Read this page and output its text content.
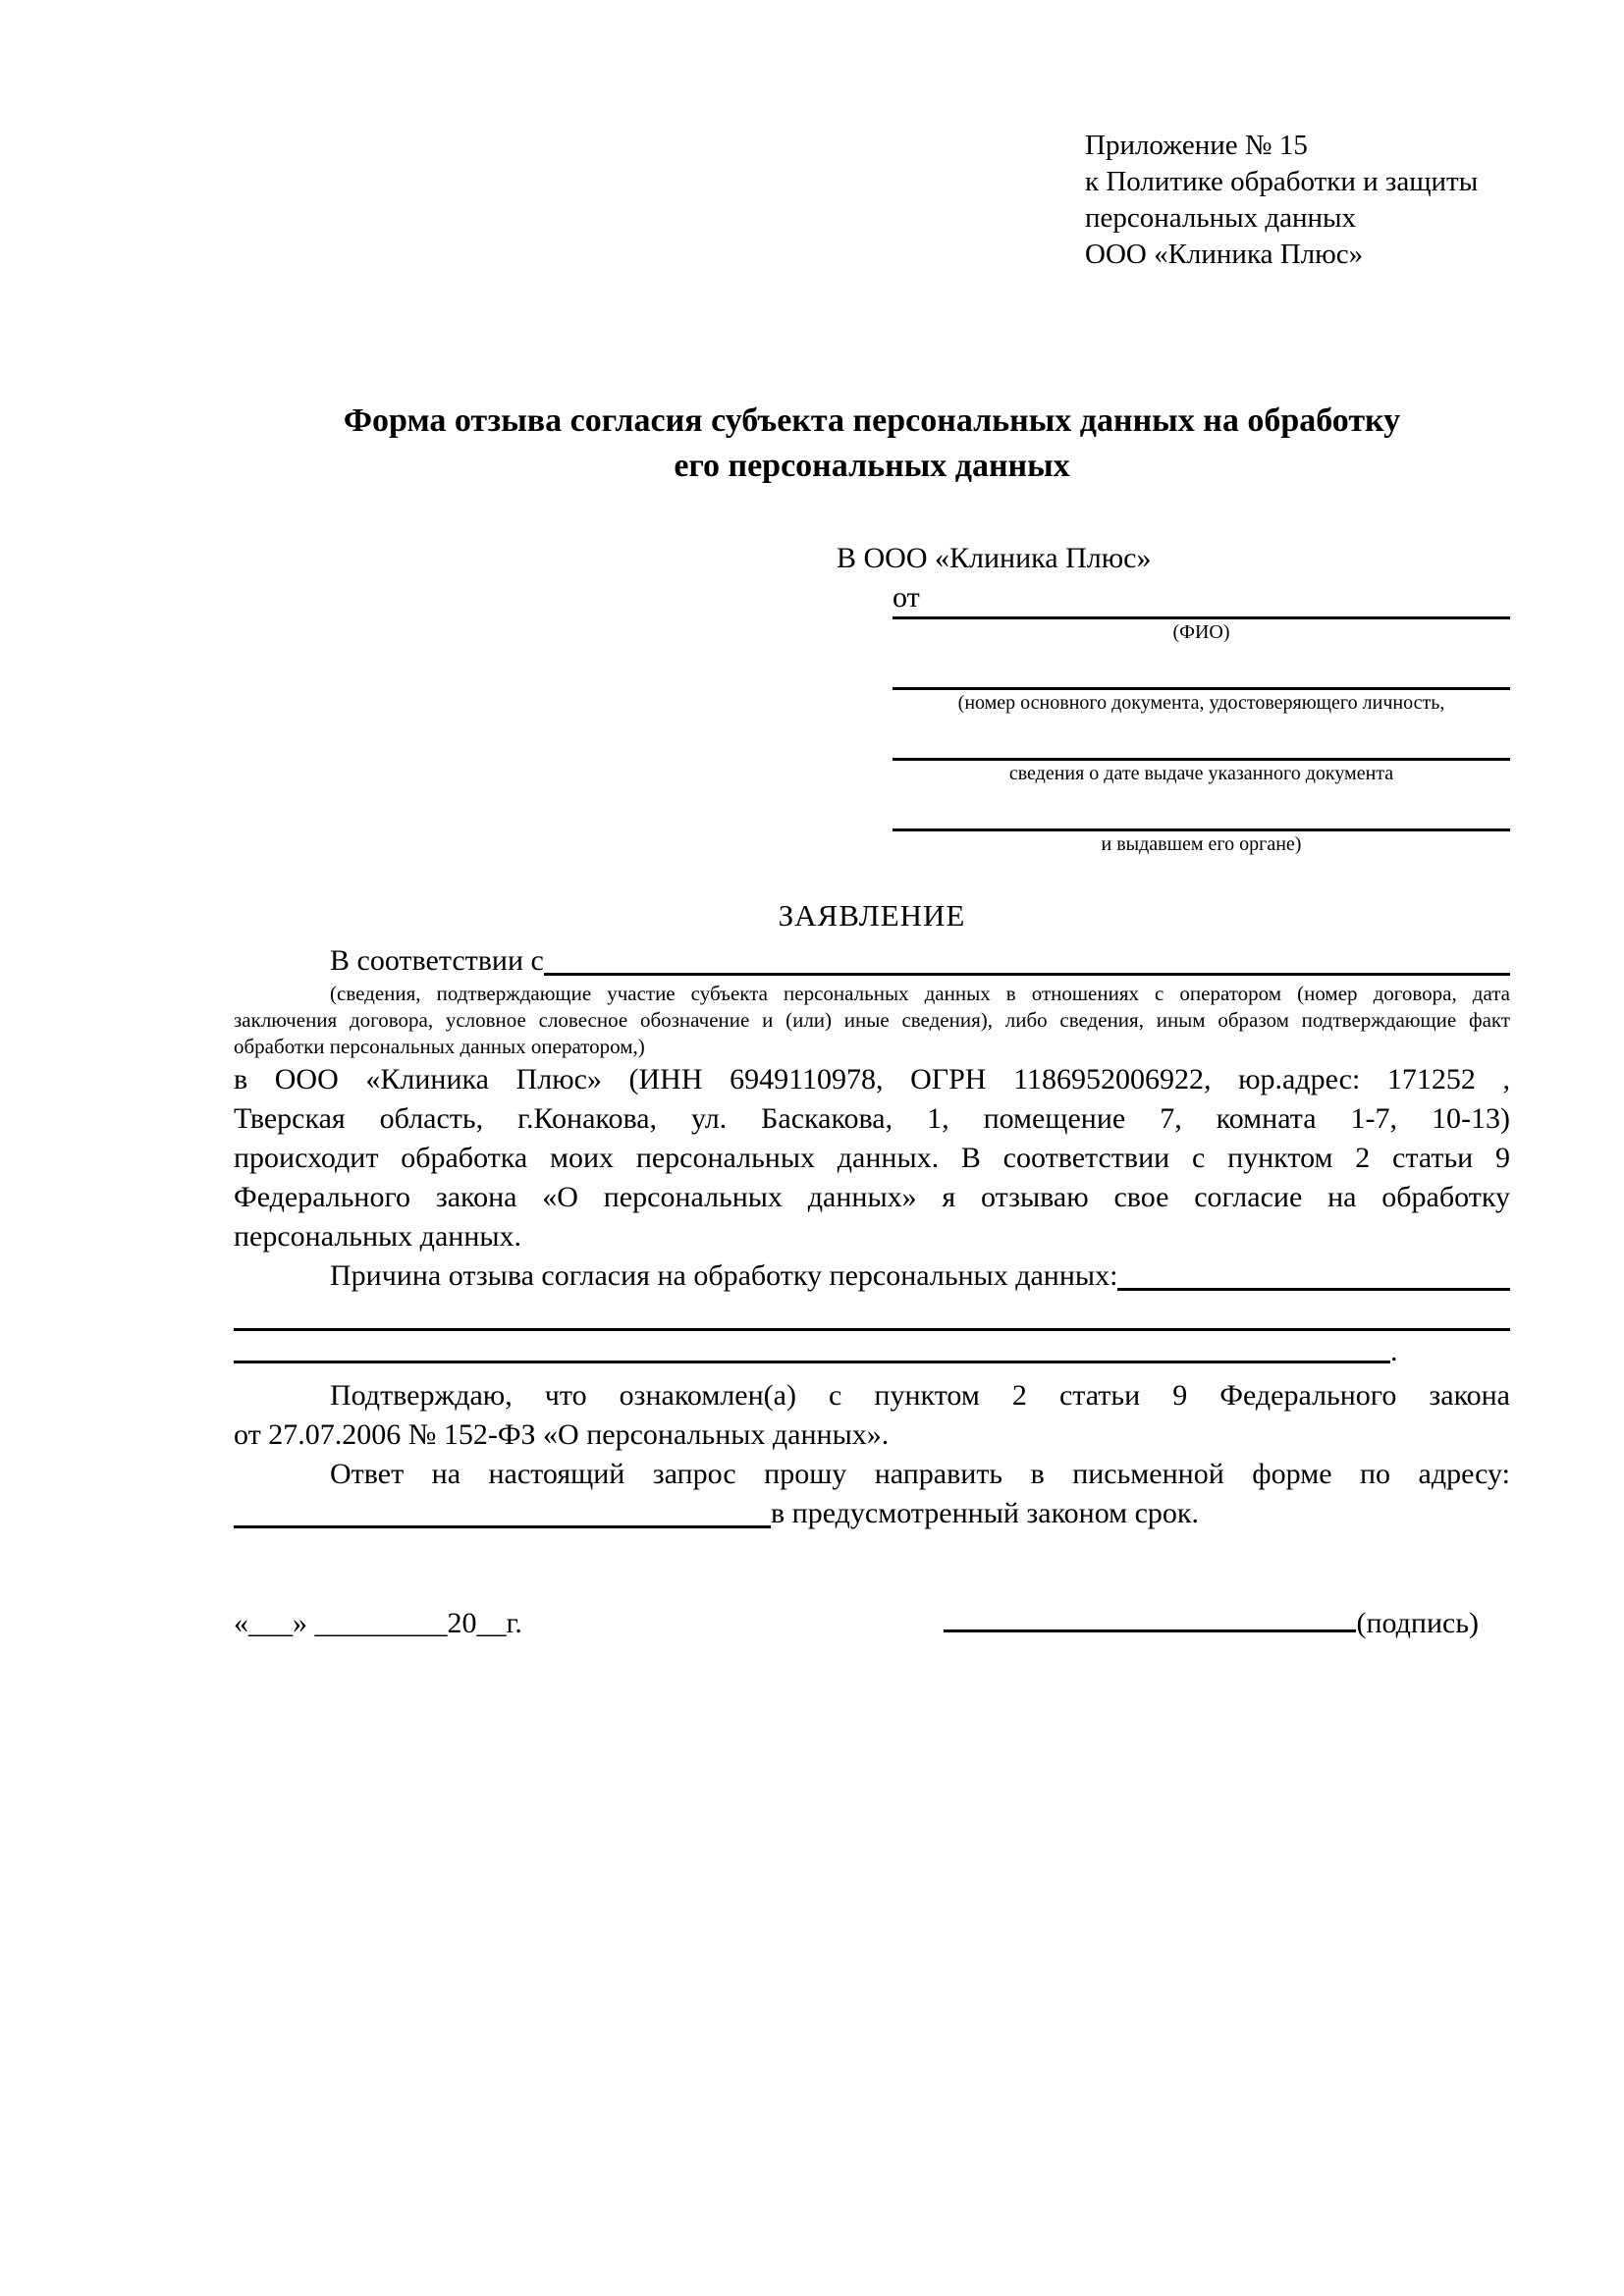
Приложение № 15
к Политике обработки и защиты
персональных данных
ООО «Клиника Плюс»
Форма отзыва согласия субъекта персональных данных на обработку
его персональных данных
В ООО «Клиника Плюс»
от
(ФИО)
(номер основного документа, удостоверяющего личность,
сведения о дате выдаче указанного документа
и выдавшем его органе)
ЗАЯВЛЕНИЕ
В соответствии с
(сведения, подтверждающие участие субъекта персональных данных в отношениях с оператором (номер договора, дата
заключения договора, условное словесное обозначение и (или) иные сведения), либо сведения, иным образом подтверждающие факт
обработки персональных данных оператором,)
в ООО «Клиника Плюс» (ИНН 6949110978, ОГРН 1186952006922, юр.адрес: 171252 ,
Тверская область, г.Конакова, ул. Баскакова, 1, помещение 7, комната 1-7, 10-13)
происходит обработка моих персональных данных. В соответствии с пунктом 2 статьи 9
Федерального закона «О персональных данных» я отзываю свое согласие на обработку
персональных данных.
Причина отзыва согласия на обработку персональных данных:
.
Подтверждаю, что ознакомлен(а) с пунктом 2 статьи 9 Федерального закона
от 27.07.2006 № 152-ФЗ «О персональных данных».
Ответ на настоящий запрос прошу направить в письменной форме по адресу:
в предусмотренный законом срок.
«___» _________20__г.	(подпись)
